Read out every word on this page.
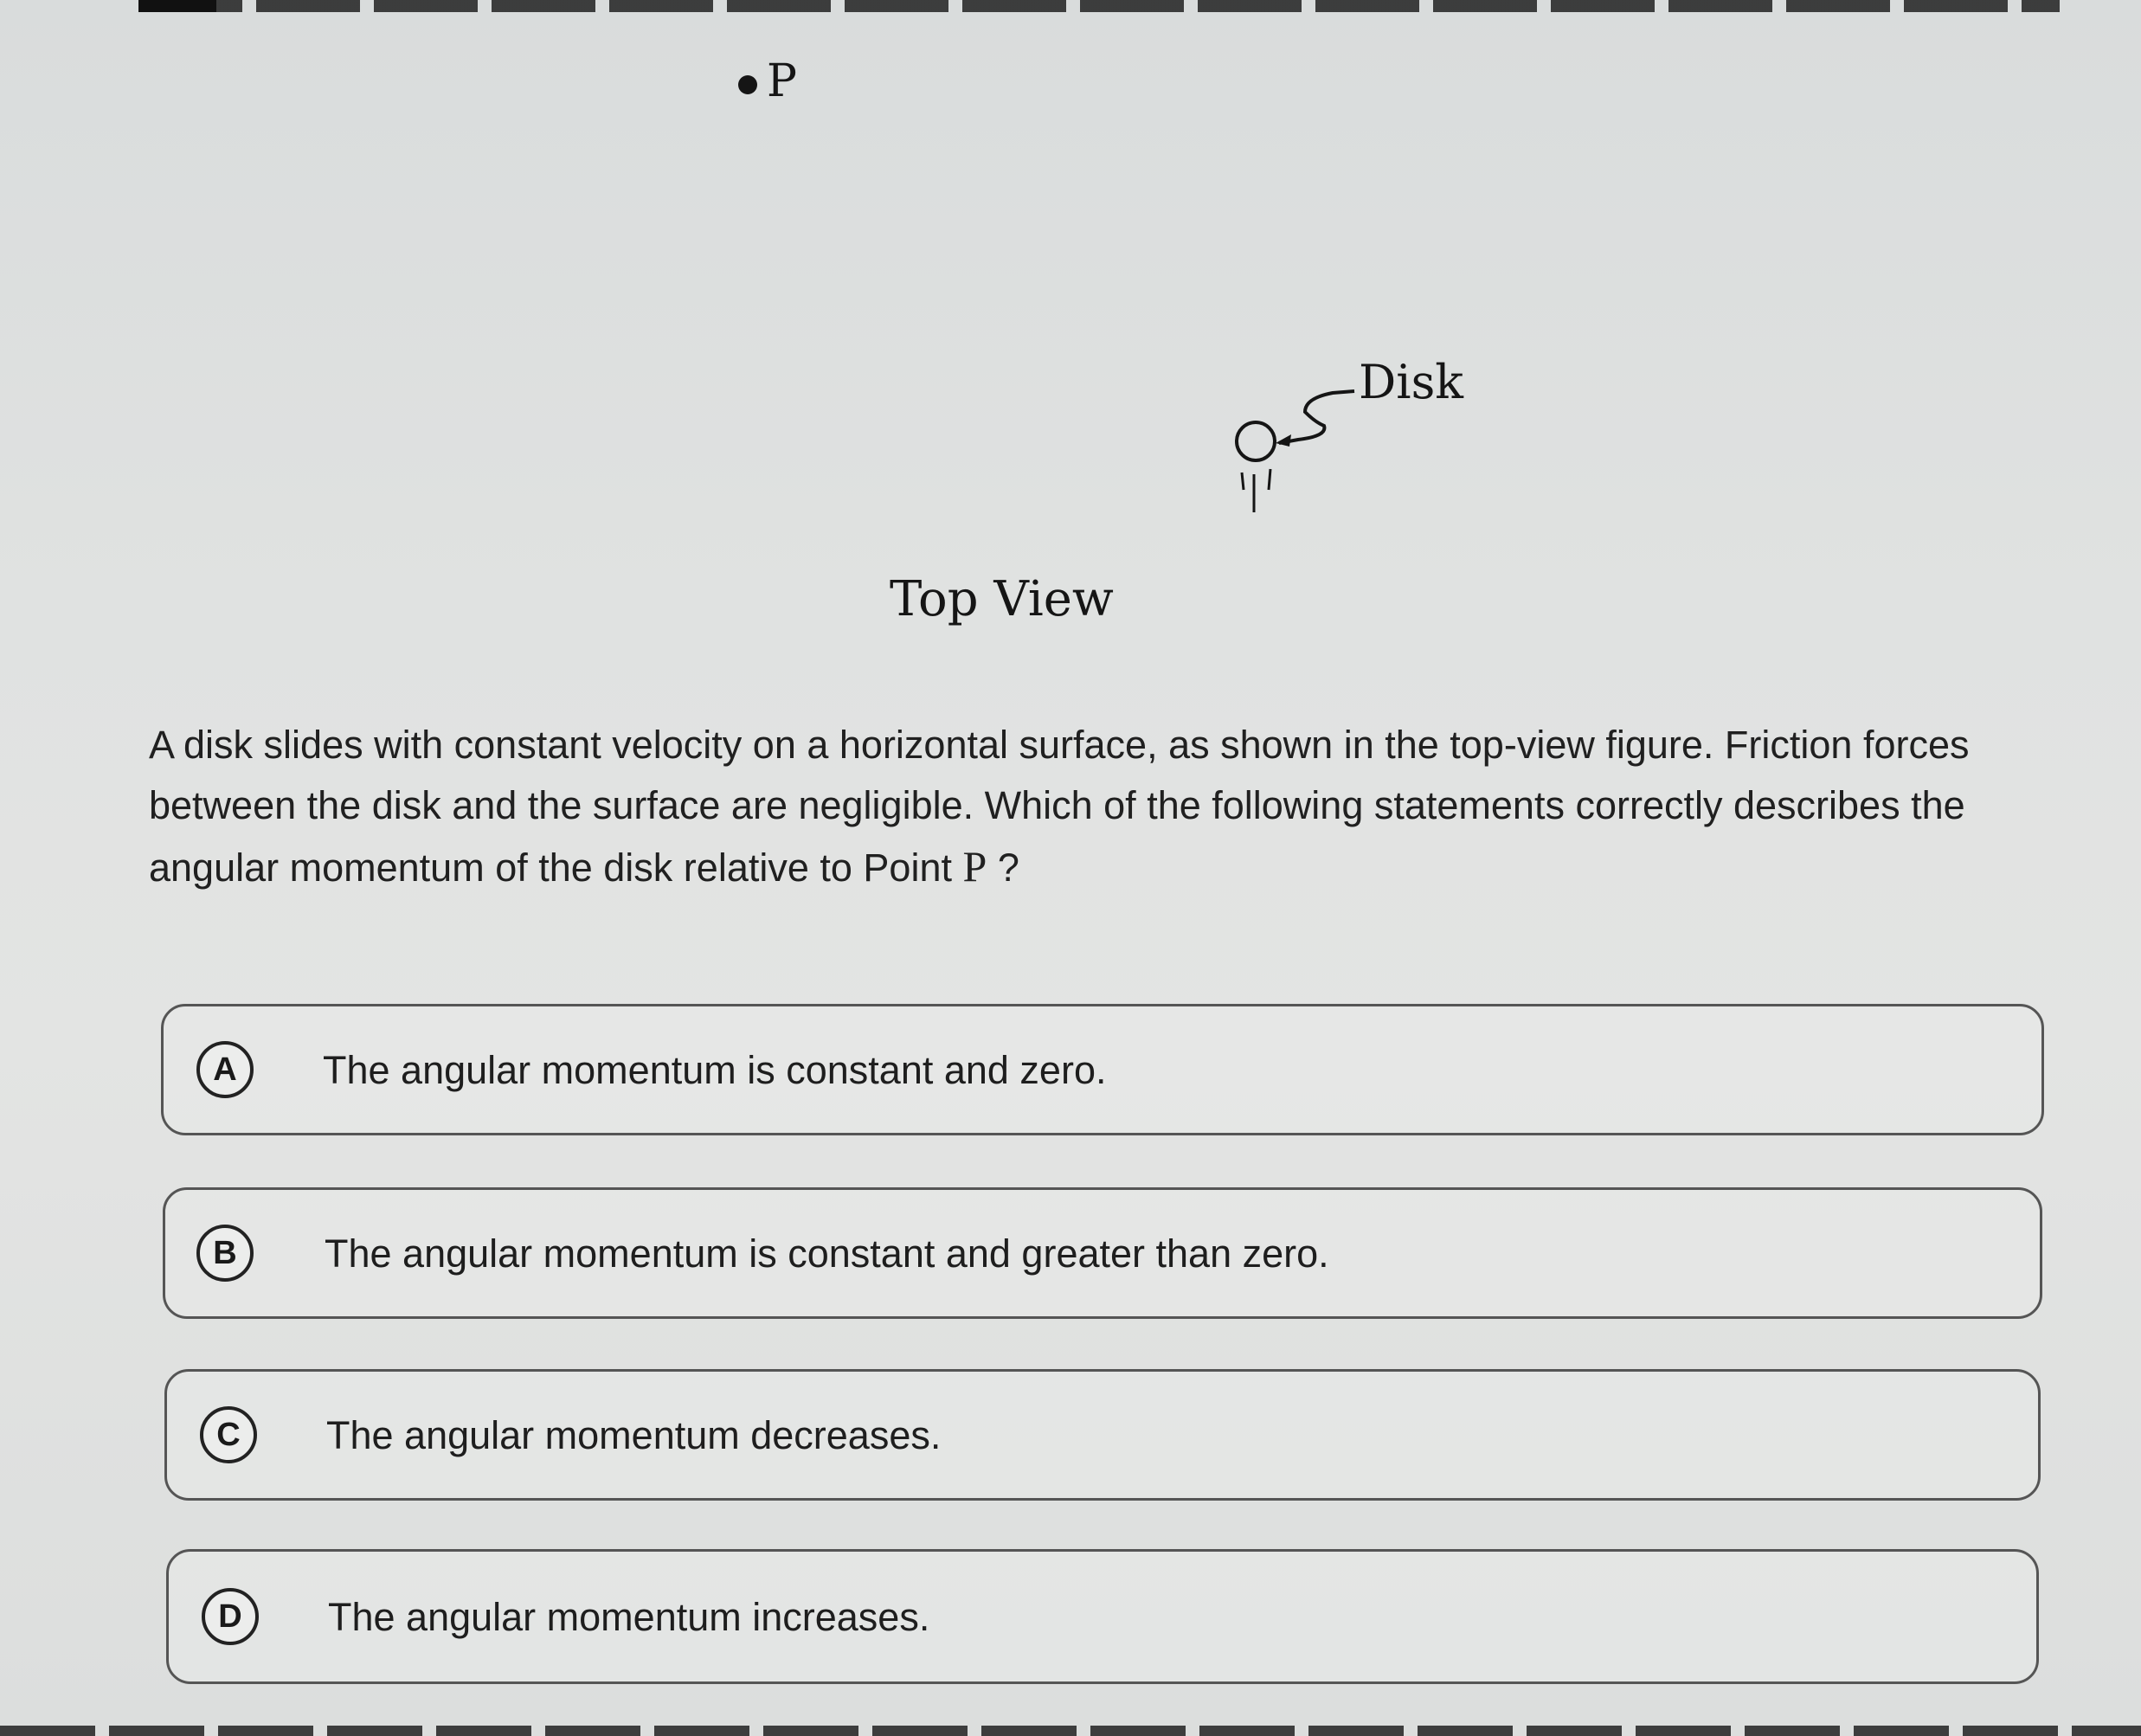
P
Disk
Top View
A disk slides with constant velocity on a horizontal surface, as shown in the top-view figure. Friction forces between the disk and the surface are negligible. Which of the following statements correctly describes the angular momentum of the disk relative to Point P ?
A	The angular momentum is constant and zero.
B	The angular momentum is constant and greater than zero.
C	The angular momentum decreases.
D	The angular momentum increases.
